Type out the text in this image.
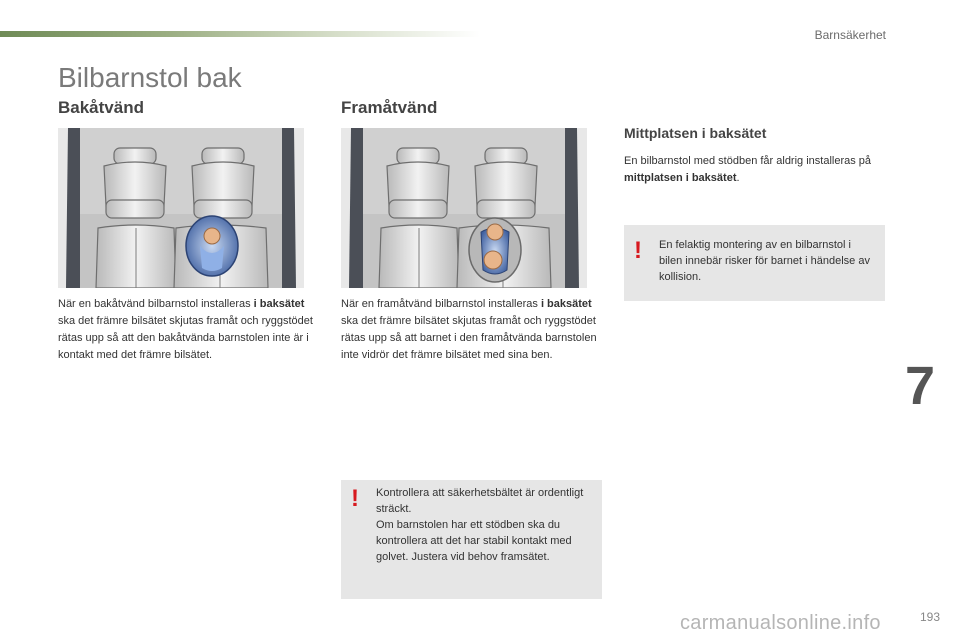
Barnsäkerhet
Bilbarnstol bak
Bakåtvänd	Framåtvänd
Mittplatsen i baksätet

När en bakåtvänd bilbarnstol installeras i baksätet ska det främre bilsätet skjutas framåt och ryggstödet rätas upp så att den bakåtvända barnstolen inte är i kontakt med det främre bilsätet.

När en framåtvänd bilbarnstol installeras i baksätet ska det främre bilsätet skjutas framåt och ryggstödet rätas upp så att barnet i den framåtvända barnstolen inte vidrör det främre bilsätet med sina ben.

En bilbarnstol med stödben får aldrig installeras på mittplatsen i baksätet.

! En felaktig montering av en bilbarnstol i bilen innebär risker för barnet i händelse av kollision.

! Kontrollera att säkerhetsbältet är ordentligt sträckt.

Om barnstolen har ett stödben ska du kontrollera att det har stabil kontakt med golvet. Justera vid behov framsätet.

7
193
carmanualsonline.info
